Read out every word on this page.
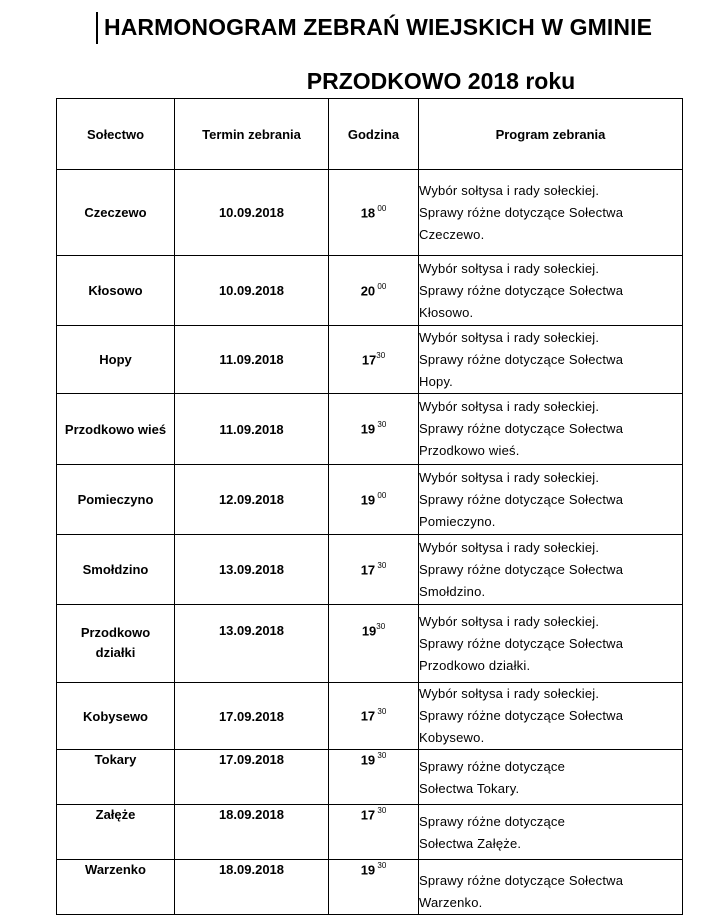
HARMONOGRAM ZEBRAŃ WIEJSKICH W GMINIE
PRZODKOWO 2018 roku
Sołectwo	Termin zebrania	Godzina	Program zebrania
Czeczewo	10.09.2018	18 $^{00}$	Wybór sołtysa i rady sołeckiej.
Sprawy różne dotyczące Sołectwa
Czeczewo.

Kłosowo	10.09.2018	20 $^{00}$	Wybór sołtysa i rady sołeckiej.
Sprawy różne dotyczące Sołectwa
Kłosowo.

Hopy	11.09.2018	$17^{30}$	Wybór sołtysa i rady sołeckiej.
Sprawy różne dotyczące Sołectwa
Hopy.

Przodkowo wieś	11.09.2018	19 $^{30}$	Wybór sołtysa i rady sołeckiej.
Sprawy różne dotyczące Sołectwa
Przodkowo wieś.

Pomieczyno	12.09.2018	19 $^{00}$	Wybór sołtysa i rady sołeckiej.
Sprawy różne dotyczące Sołectwa
Pomieczyno.

Smołdzino	13.09.2018	17 $^{30}$	Wybór sołtysa i rady sołeckiej.
Sprawy różne dotyczące Sołectwa
Smołdzino.

Przodkowo
działki	13.09.2018	$19^{30}$	Wybór sołtysa i rady sołeckiej.
Sprawy różne dotyczące Sołectwa
Przodkowo działki.

Kobysewo	17.09.2018	17 $^{30}$	Wybór sołtysa i rady sołeckiej.
Sprawy różne dotyczące Sołectwa
Kobysewo.

Tokary	17.09.2018	19 $^{30}$	Sprawy różne dotyczące
Sołectwa Tokary.

Załęże	18.09.2018	17 $^{30}$	Sprawy różne dotyczące
Sołectwa Załęże.

Warzenko	18.09.2018	19 $^{30}$	Sprawy różne dotyczące Sołectwa
Warzenko.
